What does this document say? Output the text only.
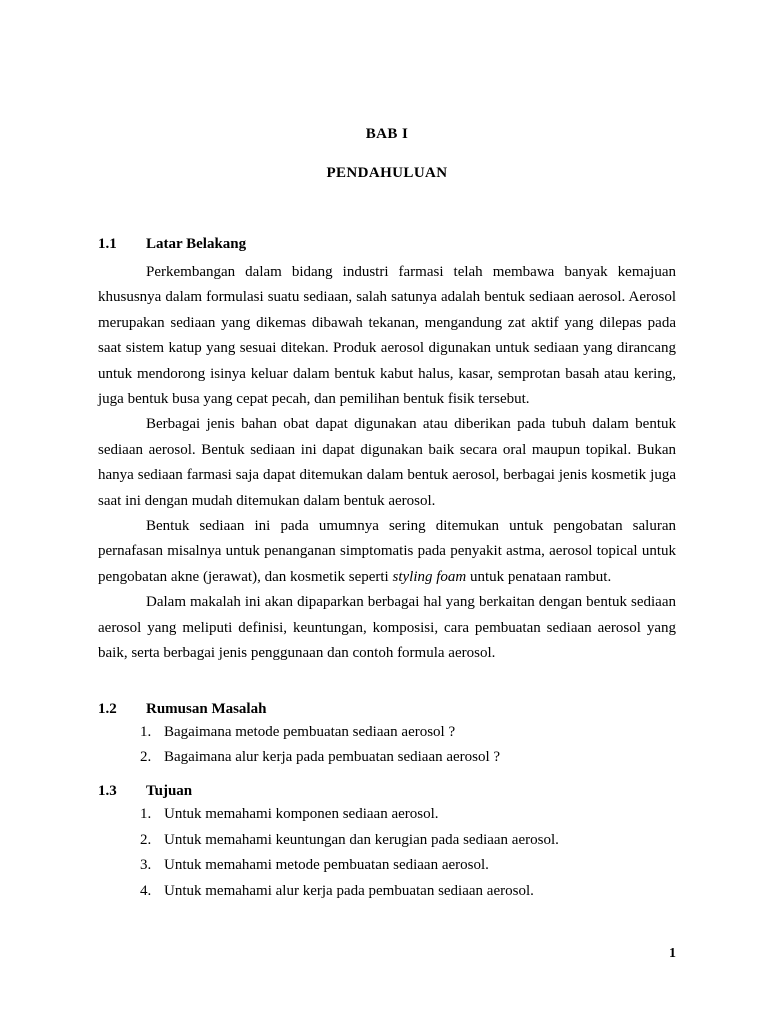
BAB I
PENDAHULUAN
1.1	Latar Belakang

Perkembangan dalam bidang industri farmasi telah membawa banyak kemajuan khususnya dalam formulasi suatu sediaan, salah satunya adalah bentuk sediaan aerosol. Aerosol merupakan sediaan yang dikemas dibawah tekanan, mengandung zat aktif yang dilepas pada saat sistem katup yang sesuai ditekan. Produk aerosol digunakan untuk sediaan yang dirancang untuk mendorong isinya keluar dalam bentuk kabut halus, kasar, semprotan basah atau kering, juga bentuk busa yang cepat pecah, dan pemilihan bentuk fisik tersebut.

Berbagai jenis bahan obat dapat digunakan atau diberikan pada tubuh dalam bentuk sediaan aerosol. Bentuk sediaan ini dapat digunakan baik secara oral maupun topikal. Bukan hanya sediaan farmasi saja dapat ditemukan dalam bentuk aerosol, berbagai jenis kosmetik juga saat ini dengan mudah ditemukan dalam bentuk aerosol.

Bentuk sediaan ini pada umumnya sering ditemukan untuk pengobatan saluran pernafasan misalnya untuk penanganan simptomatis pada penyakit astma, aerosol topical untuk pengobatan akne (jerawat), dan kosmetik seperti styling foam untuk penataan rambut.

Dalam makalah ini akan dipaparkan berbagai hal yang berkaitan dengan bentuk sediaan aerosol yang meliputi definisi, keuntungan, komposisi, cara pembuatan sediaan aerosol yang baik, serta berbagai jenis penggunaan dan contoh formula aerosol.

1.2	Rumusan Masalah
1. Bagaimana metode pembuatan sediaan aerosol ?
2. Bagaimana alur kerja pada pembuatan sediaan aerosol ?
1.3	Tujuan
1. Untuk memahami komponen sediaan aerosol.
2. Untuk memahami keuntungan dan kerugian pada sediaan aerosol.
3. Untuk memahami metode pembuatan sediaan aerosol.
4. Untuk memahami alur kerja pada pembuatan sediaan aerosol.
1
